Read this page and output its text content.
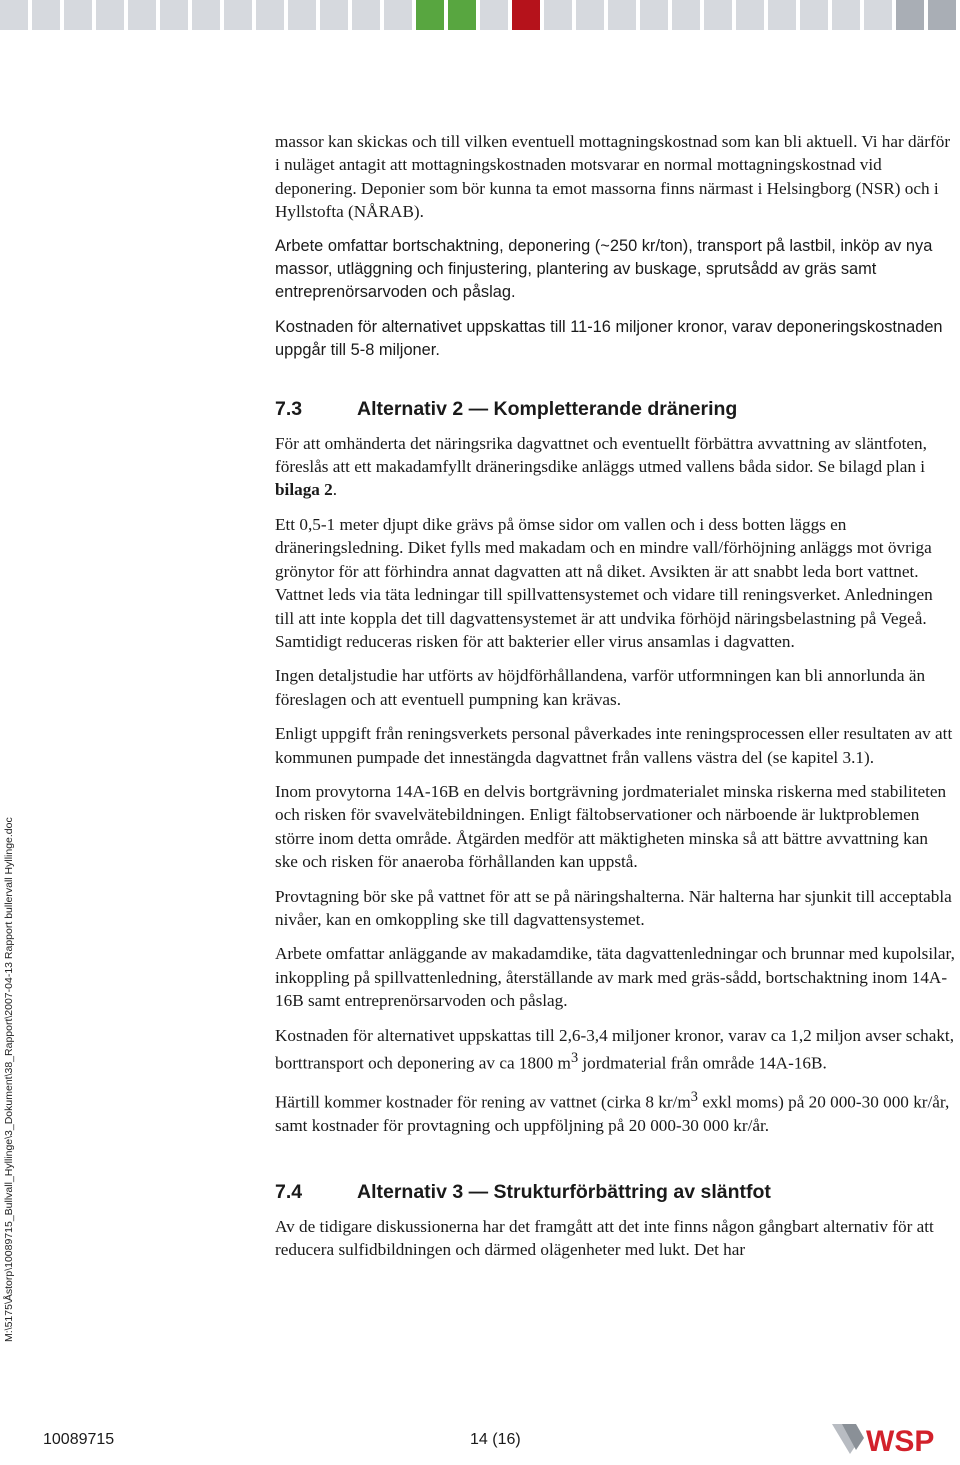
M:\5175\Åstorp\10089715_Bullvall_Hyllinge\3_Dokument\38_Rapport\2007-04-13 Rapport bullervall Hyllinge.doc

massor kan skickas och till vilken eventuell mottagningskostnad som kan bli aktuell. Vi har därför i nuläget antagit att mottagningskostnaden motsvarar en normal mottagningskostnad vid deponering. Deponier som bör kunna ta emot massorna finns närmast i Helsingborg (NSR) och i Hyllstofta (NÅRAB).

Arbete omfattar bortschaktning, deponering (~250 kr/ton), transport på lastbil, inköp av nya massor, utläggning och finjustering, plantering av buskage, sprutsådd av gräs samt entreprenörsarvoden och påslag.

Kostnaden för alternativet uppskattas till 11-16 miljoner kronor, varav deponeringskostnaden uppgår till 5-8 miljoner.

7.3	Alternativ 2 — Kompletterande dränering

För att omhänderta det näringsrika dagvattnet och eventuellt förbättra avvattning av släntfoten, föreslås att ett makadamfyllt dräneringsdike anläggs utmed vallens båda sidor. Se bilagd plan i bilaga 2.

Ett 0,5-1 meter djupt dike grävs på ömse sidor om vallen och i dess botten läggs en dräneringsledning. Diket fylls med makadam och en mindre vall/förhöjning anläggs mot övriga grönytor för att förhindra annat dagvatten att nå diket. Avsikten är att snabbt leda bort vattnet. Vattnet leds via täta ledningar till spillvattensystemet och vidare till reningsverket. Anledningen till att inte koppla det till dagvattensystemet är att undvika förhöjd näringsbelastning på Vegeå. Samtidigt reduceras risken för att bakterier eller virus ansamlas i dagvatten.

Ingen detaljstudie har utförts av höjdförhållandena, varför utformningen kan bli annorlunda än föreslagen och att eventuell pumpning kan krävas.

Enligt uppgift från reningsverkets personal påverkades inte reningsprocessen eller resultaten av att kommunen pumpade det innestängda dagvattnet från vallens västra del (se kapitel 3.1).

Inom provytorna 14A-16B en delvis bortgrävning jordmaterialet minska riskerna med stabiliteten och risken för svavelvätebildningen. Enligt fältobservationer och närboende är luktproblemen större inom detta område. Åtgärden medför att mäktigheten minska så att bättre avvattning kan ske och risken för anaeroba förhållanden kan uppstå.

Provtagning bör ske på vattnet för att se på näringshalterna. När halterna har sjunkit till acceptabla nivåer, kan en omkoppling ske till dagvattensystemet.

Arbete omfattar anläggande av makadamdike, täta dagvattenledningar och brunnar med kupolsilar, inkoppling på spillvattenledning, återställande av mark med gräs-sådd, bortschaktning inom 14A-16B samt entreprenörsarvoden och påslag.

Kostnaden för alternativet uppskattas till 2,6-3,4 miljoner kronor, varav ca 1,2 miljon avser schakt, borttransport och deponering av ca 1800 $m^3$ jordmaterial från område 14A-16B.

Härtill kommer kostnader för rening av vattnet (cirka 8 $kr/m^3$ exkl moms) på 20 000-30 000 kr/år, samt kostnader för provtagning och uppföljning på 20 000-30 000 kr/år.

7.4	Alternativ 3 — Strukturförbättring av släntfot

Av de tidigare diskussionerna har det framgått att det inte finns någon gångbart alternativ för att reducera sulfidbildningen och därmed olägenheter med lukt. Det har

10089715	14 (16)	WSP
